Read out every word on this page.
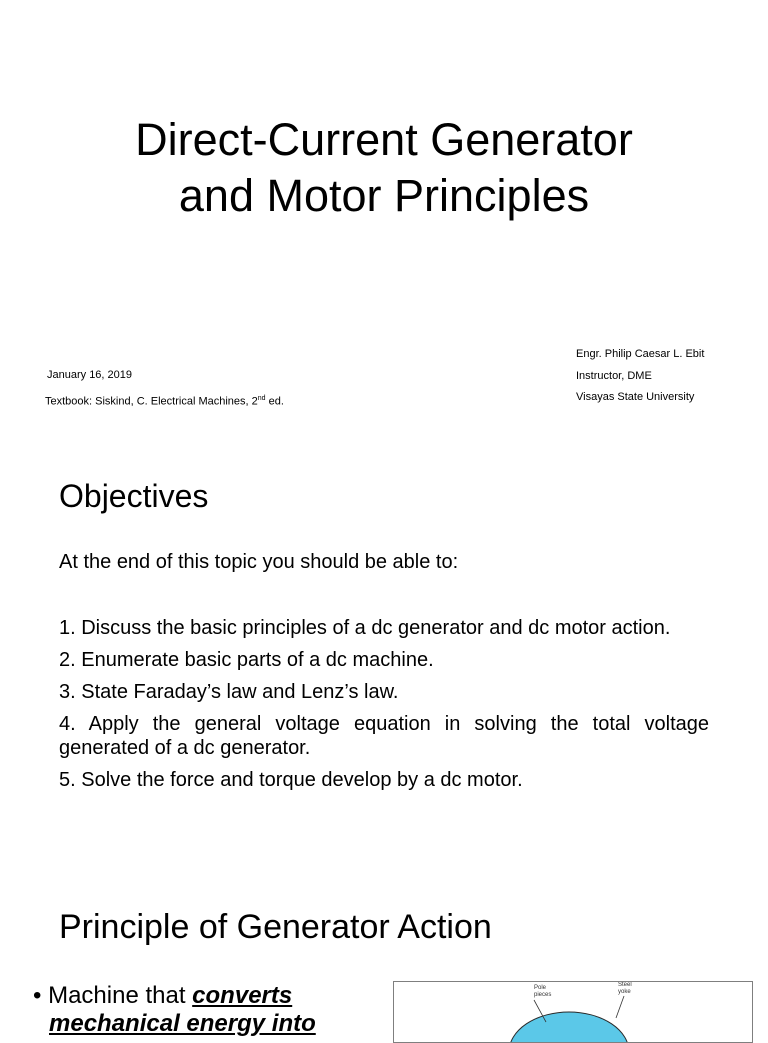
Direct-Current Generator
and Motor Principles
January 16, 2019
Textbook: Siskind, C. Electrical Machines, 2nd ed.
Engr. Philip Caesar L. Ebit
Instructor, DME
Visayas State University
Objectives
At the end of this topic you should be able to:
1. Discuss the basic principles of a dc generator and dc motor action.
2. Enumerate basic parts of a dc machine.
3. State Faraday’s law and Lenz’s law.
4. Apply the general voltage equation in solving the total voltage generated of a dc generator.
5. Solve the force and torque develop by a dc motor.
Principle of Generator Action
• Machine that converts
mechanical energy into
Pole
pieces
Steel
yoke
